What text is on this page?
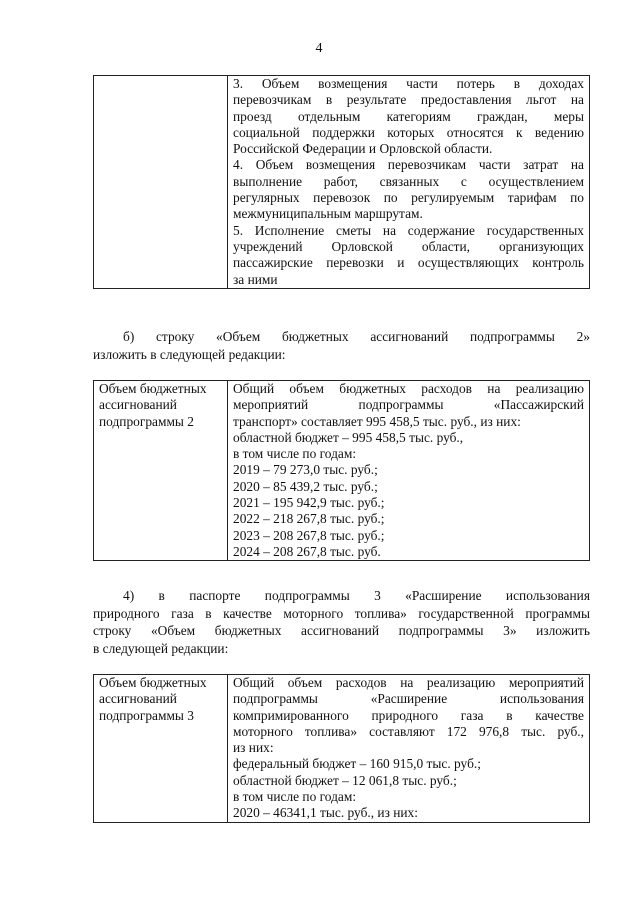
4

3. Объем возмещения части потерь в доходах
перевозчикам в результате предоставления льгот на
проезд отдельным категориям граждан, меры
социальной поддержки которых относятся к ведению
Российской Федерации и Орловской области.
4. Объем возмещения перевозчикам части затрат на
выполнение работ, связанных с осуществлением
регулярных перевозок по регулируемым тарифам по
межмуниципальным маршрутам.
5. Исполнение сметы на содержание государственных
учреждений Орловской области, организующих
пассажирские перевозки и осуществляющих контроль
за ними
б) строку «Объем бюджетных ассигнований подпрограммы 2»
изложить в следующей редакции:
Объем бюджетных
ассигнований
подпрограммы 2

Общий объем бюджетных расходов на реализацию
мероприятий подпрограммы «Пассажирский
транспорт» составляет 995 458,5 тыс. руб., из них:
областной бюджет – 995 458,5 тыс. руб.,
в том числе по годам:
2019 – 79 273,0 тыс. руб.;
2020 – 85 439,2 тыс. руб.;
2021 – 195 942,9 тыс. руб.;
2022 – 218 267,8 тыс. руб.;
2023 – 208 267,8 тыс. руб.;
2024 – 208 267,8 тыс. руб.
4) в паспорте подпрограммы 3 «Расширение использования
природного газа в качестве моторного топлива» государственной программы
строку «Объем бюджетных ассигнований подпрограммы 3» изложить
в следующей редакции:
Объем бюджетных
ассигнований
подпрограммы 3

Общий объем расходов на реализацию мероприятий
подпрограммы «Расширение использования
компримированного природного газа в качестве
моторного топлива» составляют 172 976,8 тыс. руб.,
из них:
федеральный бюджет – 160 915,0 тыс. руб.;
областной бюджет – 12 061,8 тыс. руб.;
в том числе по годам:
2020 – 46341,1 тыс. руб., из них:
